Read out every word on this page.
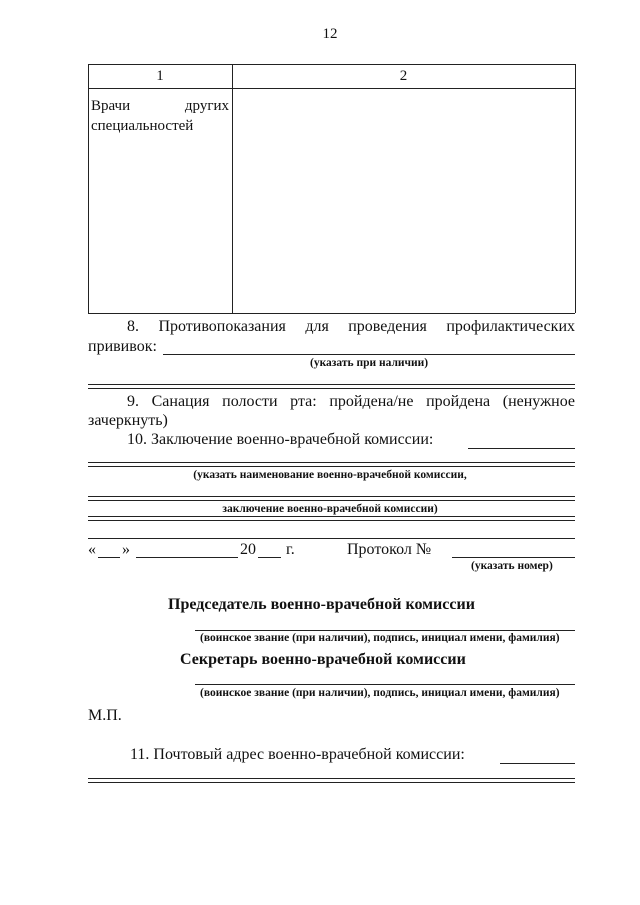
12
1	2
Врачи других специальностей
8. Противопоказания для проведения профилактических
прививок:
(указать при наличии)
9. Санация полости рта: пройдена/не пройдена (ненужное
зачеркнуть)
10. Заключение военно-врачебной комиссии:
(указать наименование военно-врачебной комиссии,
заключение военно-врачебной комиссии)
« »	20 г.	Протокол №
(указать номер)
Председатель военно-врачебной комиссии
(воинское звание (при наличии), подпись, инициал имени, фамилия)
Секретарь военно-врачебной комиссии
(воинское звание (при наличии), подпись, инициал имени, фамилия)
М.П.
11. Почтовый адрес военно-врачебной комиссии:
